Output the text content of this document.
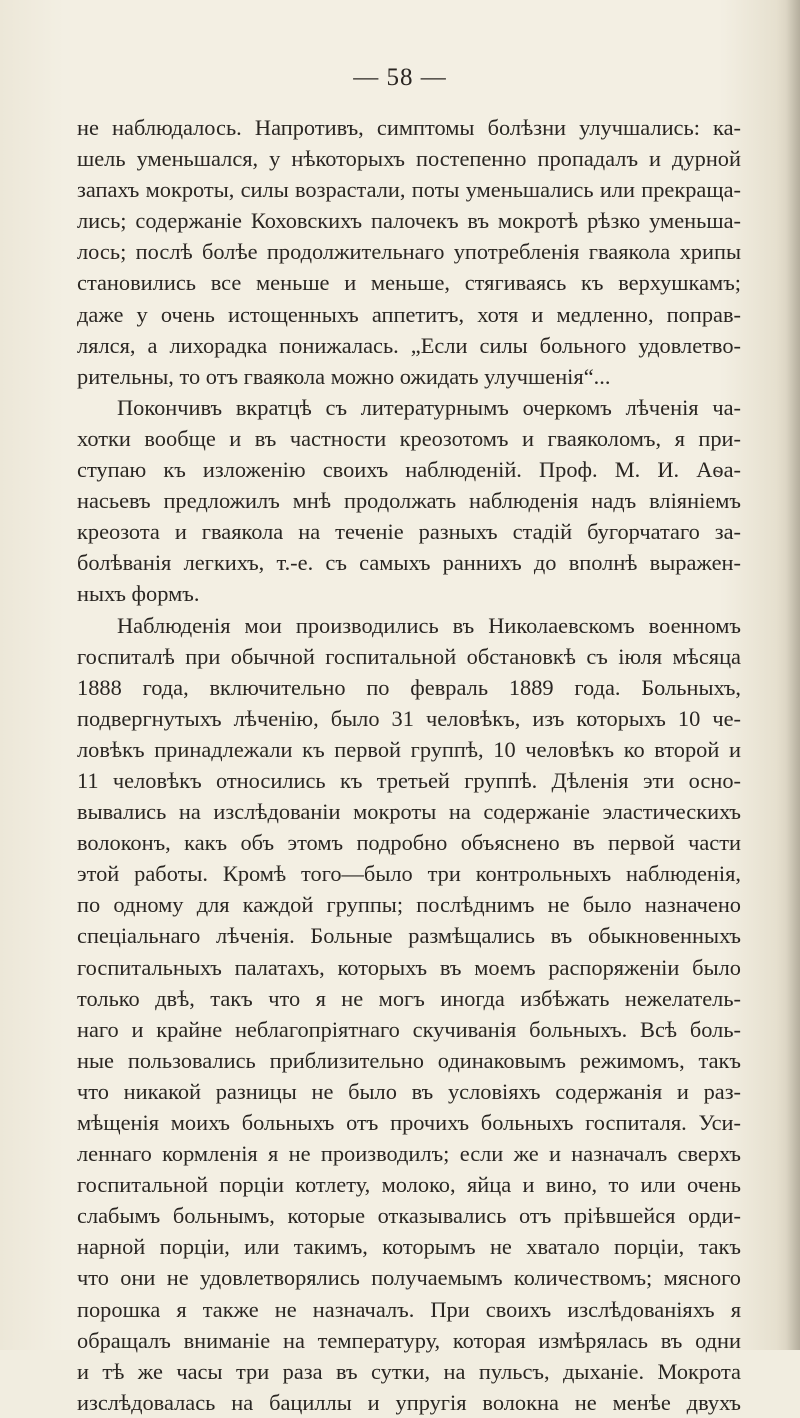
— 58 —
не наблюдалось. Напротивъ, симптомы болѣзни улучшались: ка-
шель уменьшался, у нѣкоторыхъ постепенно пропадалъ и дурной
запахъ мокроты, силы возрастали, поты уменьшались или прекраща-
лись; содержаніе Коховскихъ палочекъ въ мокротѣ рѣзко уменьша-
лось; послѣ болѣе продолжительнаго употребленія гваякола хрипы
становились все меньше и меньше, стягиваясь къ верхушкамъ;
даже у очень истощенныхъ аппетитъ, хотя и медленно, поправ-
лялся, а лихорадка понижалась. „Если силы больного удовлетво-
рительны, то отъ гваякола можно ожидать улучшенія“...
Покончивъ вкратцѣ съ литературнымъ очеркомъ лѣченія ча-
хотки вообще и въ частности креозотомъ и гваяколомъ, я при-
ступаю къ изложенію своихъ наблюденій. Проф. М. И. Аѳа-
насьевъ предложилъ мнѣ продолжать наблюденія надъ вліяніемъ
креозота и гваякола на теченіе разныхъ стадій бугорчатаго за-
болѣванія легкихъ, т.-е. съ самыхъ раннихъ до вполнѣ выражен-
ныхъ формъ.
Наблюденія мои производились въ Николаевскомъ военномъ
госпиталѣ при обычной госпитальной обстановкѣ съ іюля мѣсяца
1888 года, включительно по февраль 1889 года. Больныхъ,
подвергнутыхъ лѣченію, было 31 человѣкъ, изъ которыхъ 10 че-
ловѣкъ принадлежали къ первой группѣ, 10 человѣкъ ко второй и
11 человѣкъ относились къ третьей группѣ. Дѣленія эти осно-
вывались на изслѣдованіи мокроты на содержаніе эластическихъ
волоконъ, какъ объ этомъ подробно объяснено въ первой части
этой работы. Кромѣ того—было три контрольныхъ наблюденія,
по одному для каждой группы; послѣднимъ не было назначено
спеціальнаго лѣченія. Больные размѣщались въ обыкновенныхъ
госпитальныхъ палатахъ, которыхъ въ моемъ распоряженіи было
только двѣ, такъ что я не могъ иногда избѣжать нежелатель-
наго и крайне неблагопріятнаго скучиванія больныхъ. Всѣ боль-
ные пользовались приблизительно одинаковымъ режимомъ, такъ
что никакой разницы не было въ условіяхъ содержанія и раз-
мѣщенія моихъ больныхъ отъ прочихъ больныхъ госпиталя. Уси-
леннаго кормленія я не производилъ; если же и назначалъ сверхъ
госпитальной порціи котлету, молоко, яйца и вино, то или очень
слабымъ больнымъ, которые отказывались отъ пріѣвшейся орди-
нарной порціи, или такимъ, которымъ не хватало порціи, такъ
что они не удовлетворялись получаемымъ количествомъ; мясного
порошка я также не назначалъ. При своихъ изслѣдованіяхъ я
обращалъ вниманіе на температуру, которая измѣрялась въ одни
и тѣ же часы три раза въ сутки, на пульсъ, дыханіе. Мокрота
изслѣдовалась на бациллы и упругія волокна не менѣе двухъ
